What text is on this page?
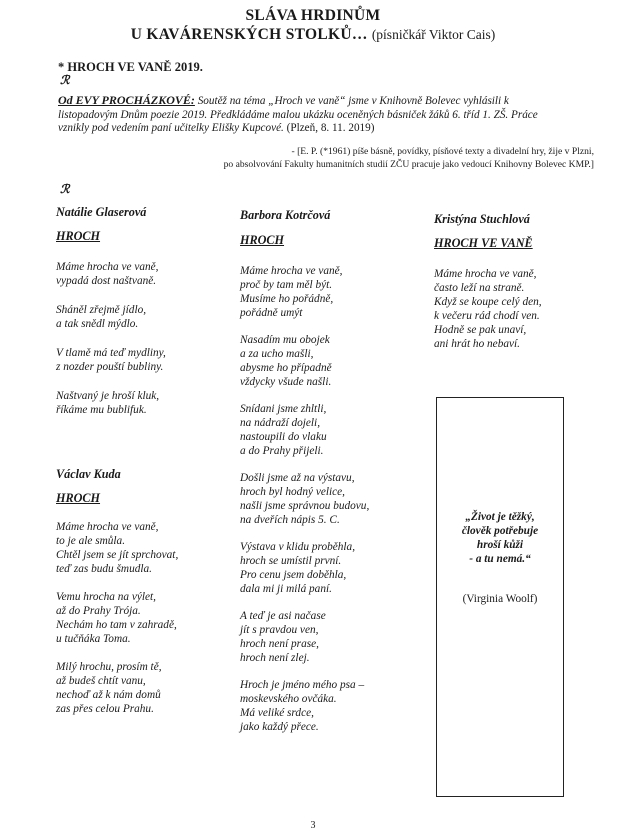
SLÁVA HRDINŮM
U KAVÁRENSKÝCH STOLKŮ… (písničkář Viktor Cais)
* HROCH VE VANĚ 2019.
ℛ
Od EVY PROCHÁZKOVÉ: Soutěž na téma „Hroch ve vaně“ jsme v Knihovně Bolevec vyhlásili k listopadovým Dnům poezie 2019. Předkládáme malou ukázku oceněných básniček žáků 6. tříd 1. ZŠ. Práce vznikly pod vedením paní učitelky Elišky Kupcové. (Plzeň, 8. 11. 2019)
- [E. P. (*1961) píše básně, povídky, písňové texty a divadelní hry, žije v Plzni,
po absolvování Fakulty humanitních studií ZČU pracuje jako vedoucí Knihovny Bolevec KMP.]
ℛ
Natálie Glaserová
HROCH
Máme hrocha ve vaně,
vypadá dost naštvaně.
Sháněl zřejmě jídlo,
a tak snědl mýdlo.
V tlamě má teď mydliny,
z nozder pouští bubliny.
Naštvaný je hroší kluk,
říkáme mu bublifuk.
Václav Kuda
HROCH
Máme hrocha ve vaně,
to je ale smůla.
Chtěl jsem se jít sprchovat,
teď zas budu šmudla.
Vemu hrocha na výlet,
až do Prahy Trója.
Nechám ho tam v zahradě,
u tučňáka Toma.
Milý hrochu, prosím tě,
až budeš chtít vanu,
nechoď až k nám domů
zas přes celou Prahu.
Barbora Kotrčová
HROCH
Máme hrocha ve vaně,
proč by tam měl být.
Musíme ho pořádně,
pořádně umýt
Nasadím mu obojek
a za ucho mašli,
abysme ho případně
vždycky všude našli.
Snídani jsme zhltli,
na nádraží dojeli,
nastoupili do vlaku
a do Prahy přijeli.
Došli jsme až na výstavu,
hroch byl hodný velice,
našli jsme správnou budovu,
na dveřích nápis 5. C.
Výstava v klidu proběhla,
hroch se umístil první.
Pro cenu jsem doběhla,
dala mi ji milá paní.
A teď je asi načase
jít s pravdou ven,
hroch není prase,
hroch není zlej.
Hroch je jméno mého psa –
moskevského ovčáka.
Má veliké srdce,
jako každý přece.
Kristýna Stuchlová
HROCH VE VANĚ
Máme hrocha ve vaně,
často leží na straně.
Když se koupe celý den,
k večeru rád chodí ven.
Hodně se pak unaví,
ani hrát ho nebaví.
„Život je těžký,
člověk potřebuje
hroší kůži
- a tu nemá.“
(Virginia Woolf)
3
